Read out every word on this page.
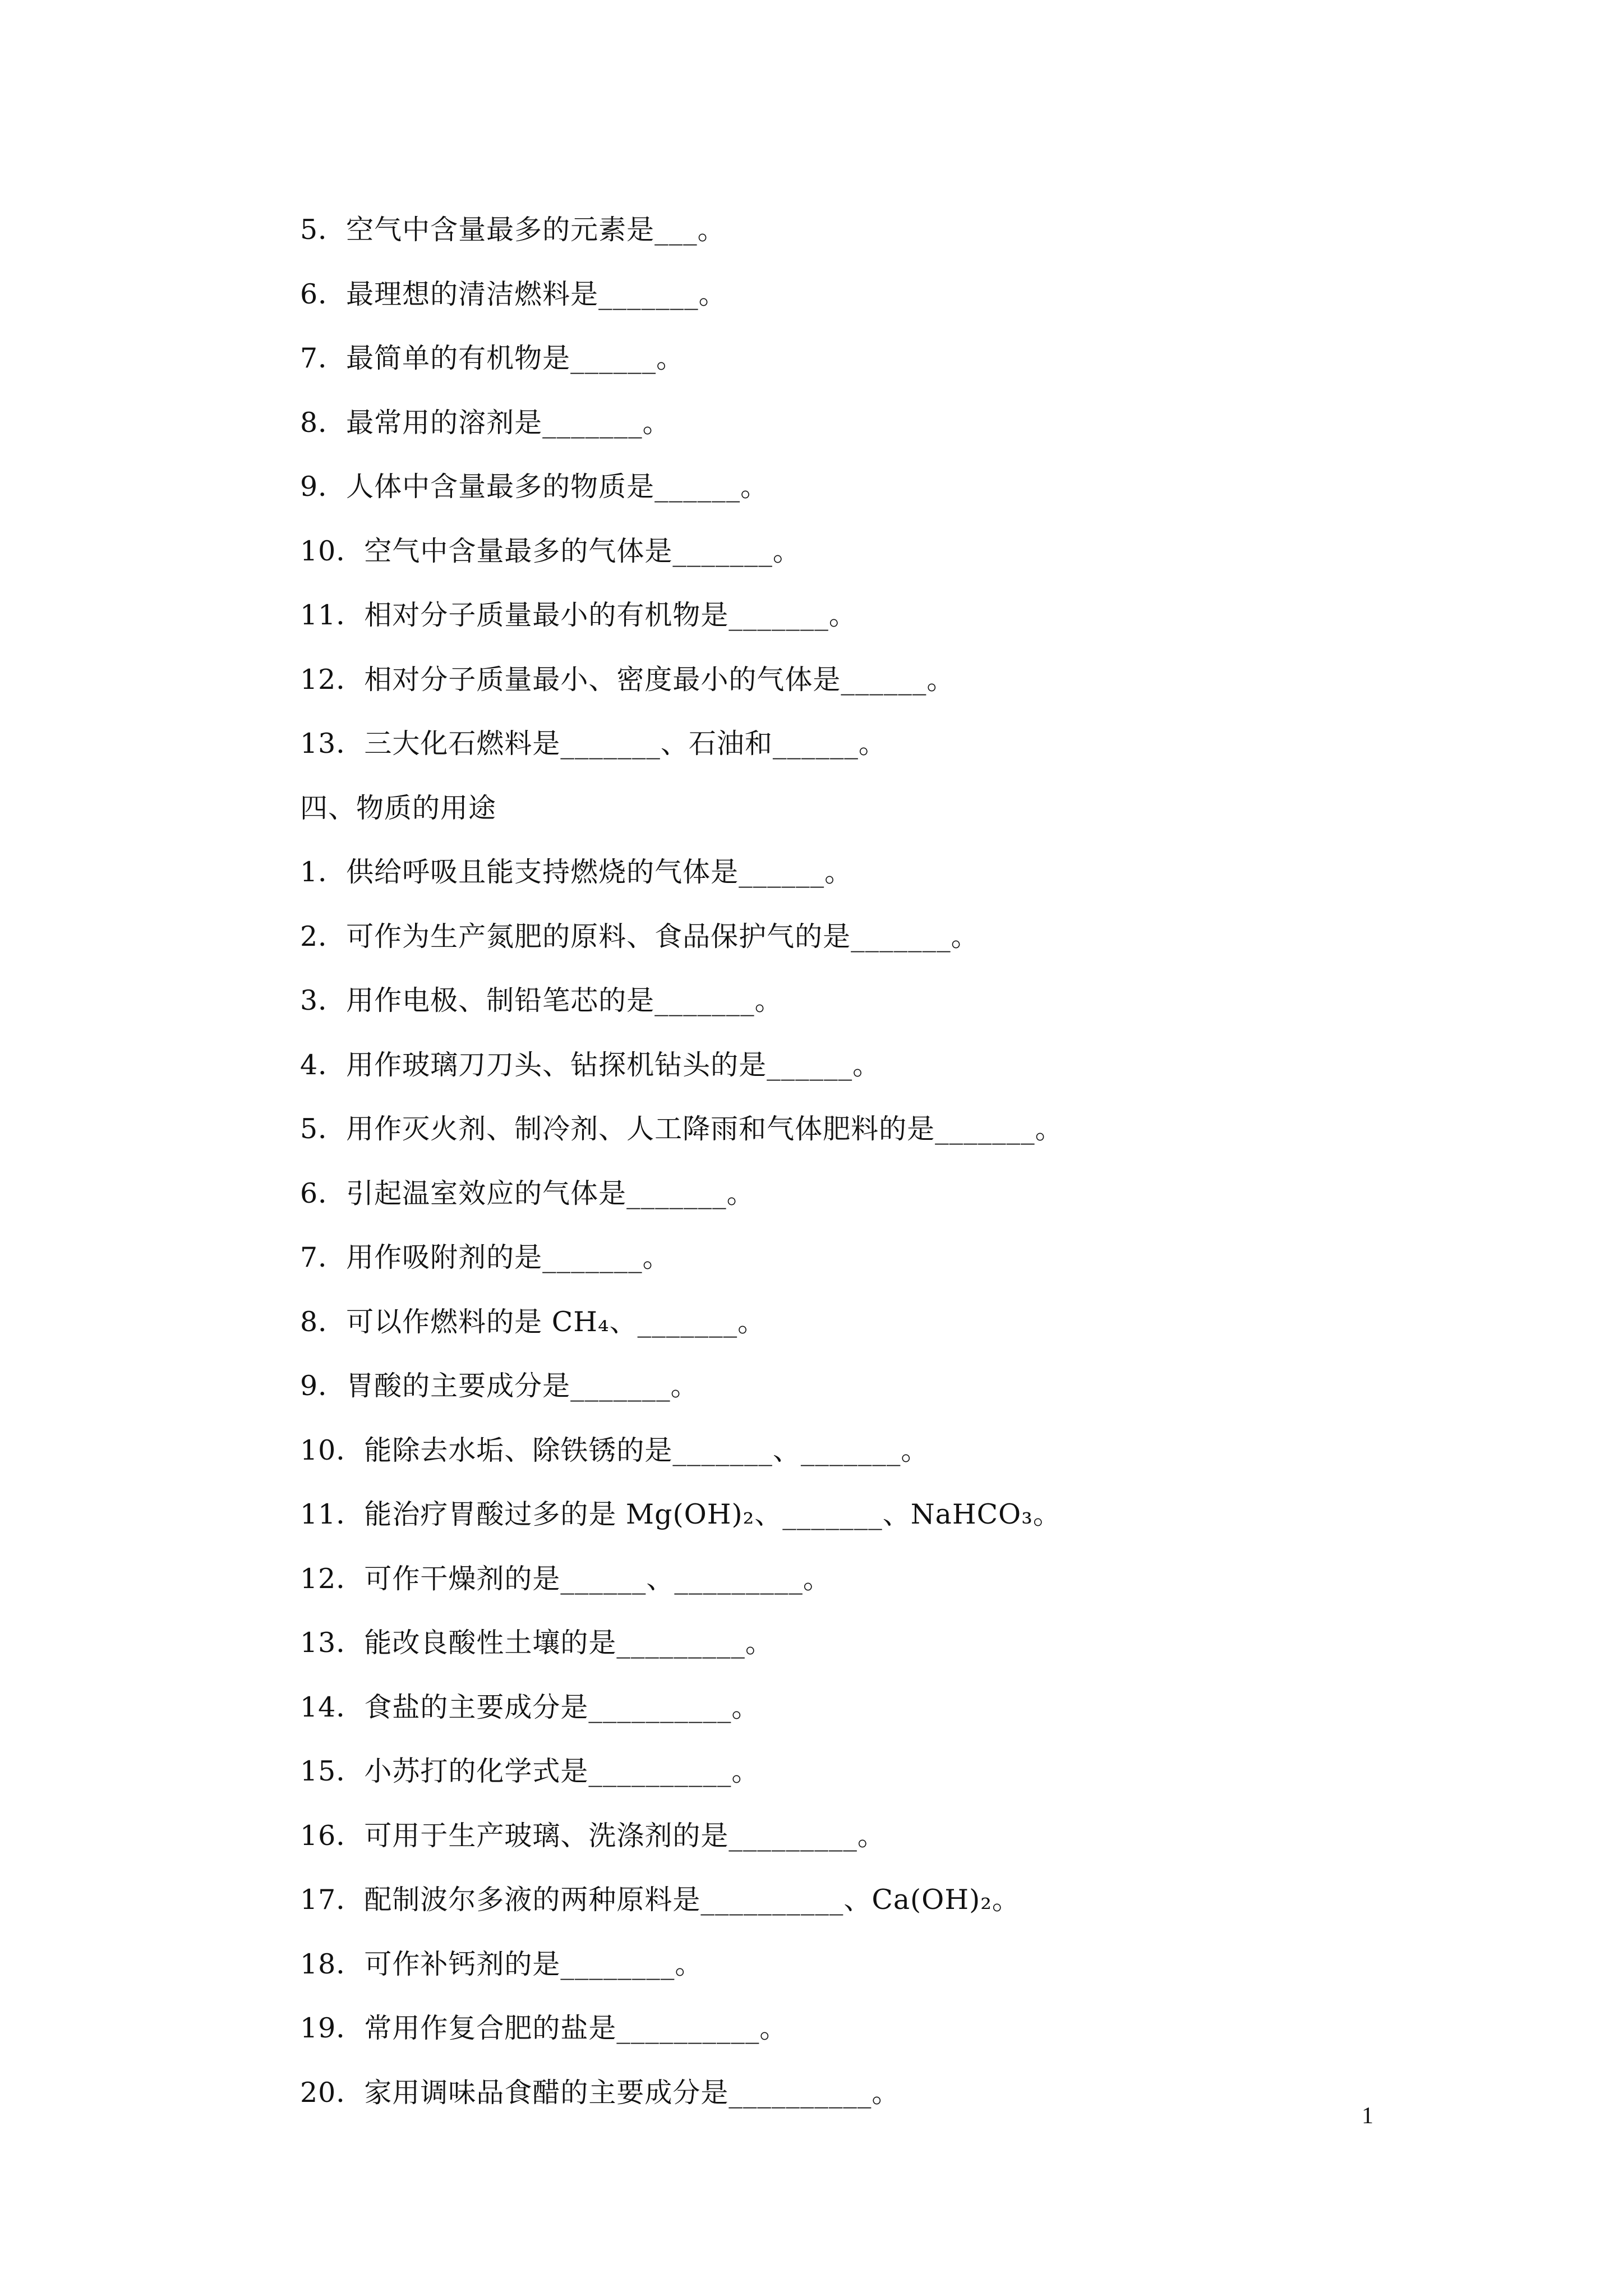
5．空气中含量最多的元素是___。
6．最理想的清洁燃料是_______。
7．最简单的有机物是______。
8．最常用的溶剂是_______。
9．人体中含量最多的物质是______。
10．空气中含量最多的气体是_______。
11．相对分子质量最小的有机物是_______。
12．相对分子质量最小、密度最小的气体是______。
13．三大化石燃料是_______、石油和______。
四、物质的用途
1．供给呼吸且能支持燃烧的气体是______。
2．可作为生产氮肥的原料、食品保护气的是_______。
3．用作电极、制铅笔芯的是_______。
4．用作玻璃刀刀头、钻探机钻头的是______。
5．用作灭火剂、制冷剂、人工降雨和气体肥料的是_______。
6．引起温室效应的气体是_______。
7．用作吸附剂的是_______。
8．可以作燃料的是 CH₄、_______。
9．胃酸的主要成分是_______。
10．能除去水垢、除铁锈的是_______、_______。
11．能治疗胃酸过多的是 Mg(OH)₂、_______、NaHCO₃。
12．可作干燥剂的是______、_________。
13．能改良酸性土壤的是_________。
14．食盐的主要成分是__________。
15．小苏打的化学式是__________。
16．可用于生产玻璃、洗涤剂的是_________。
17．配制波尔多液的两种原料是__________、Ca(OH)₂。
18．可作补钙剂的是________。
19．常用作复合肥的盐是__________。
20．家用调味品食醋的主要成分是__________。
1
